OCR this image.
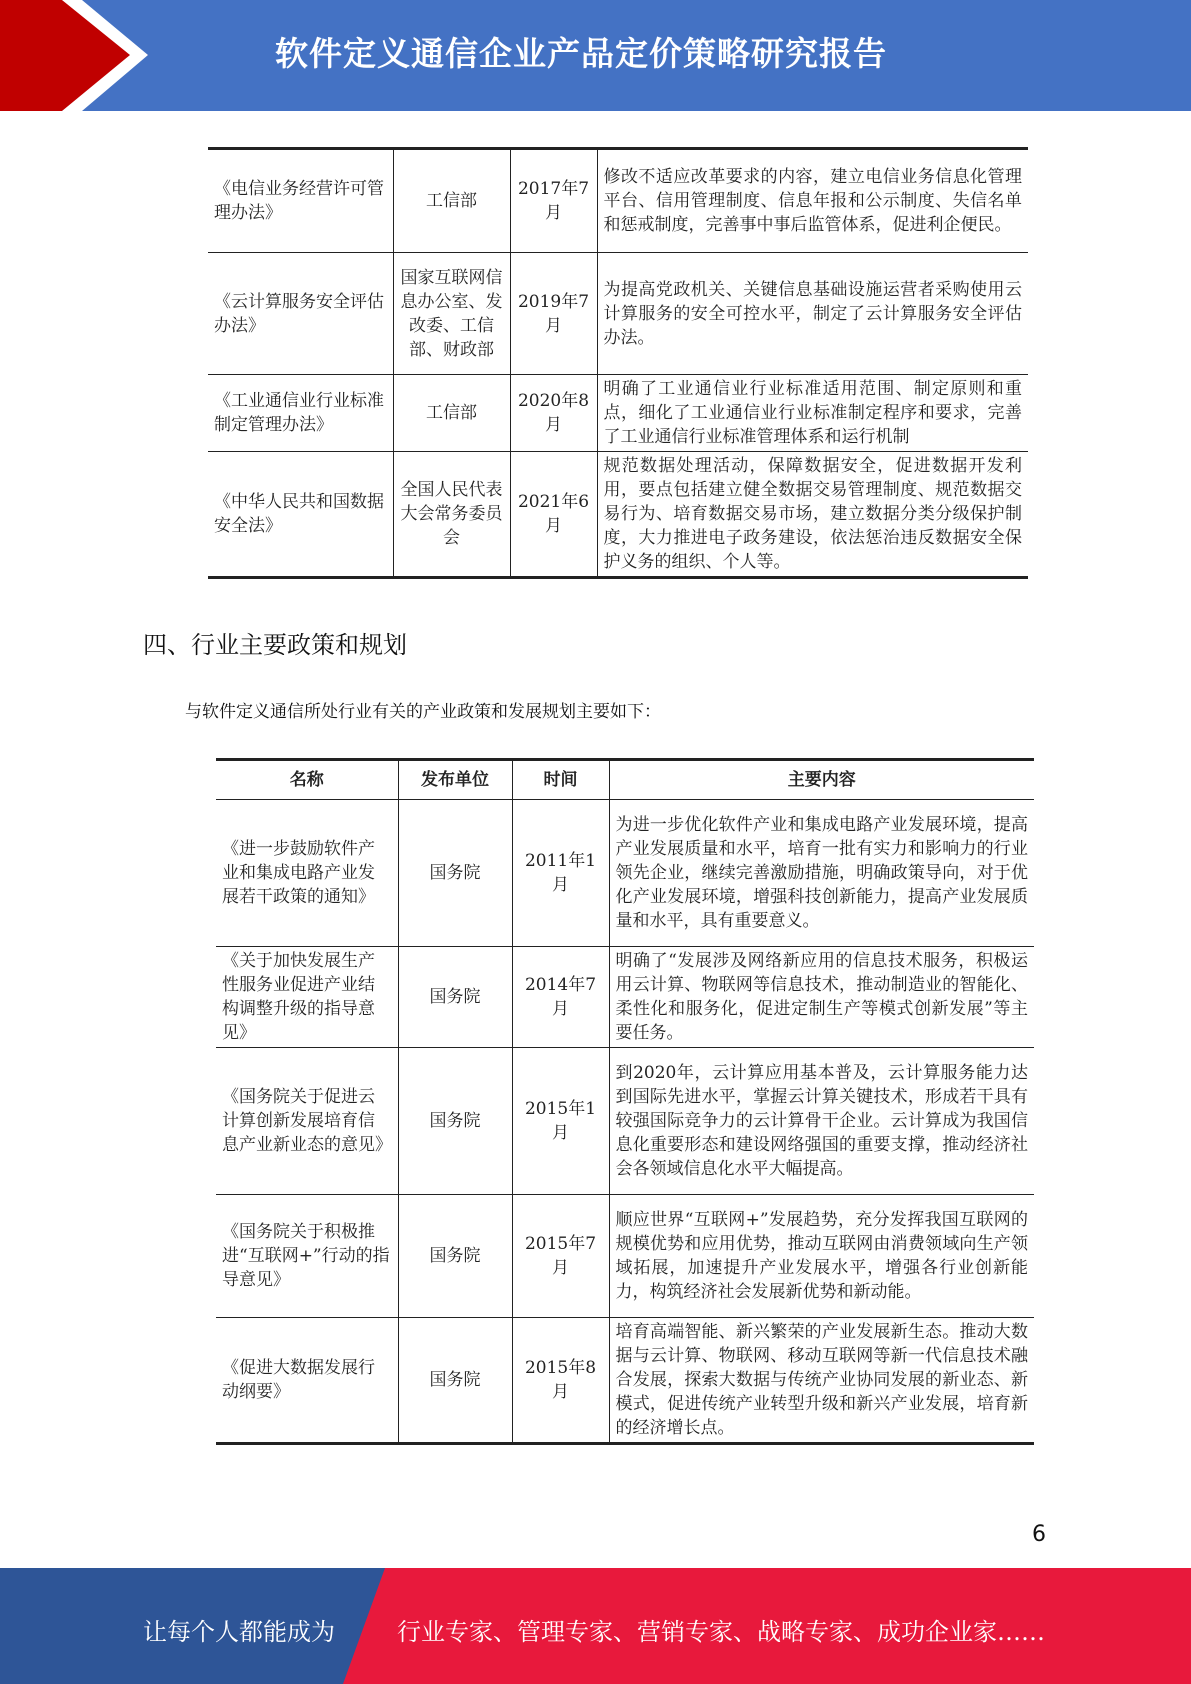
软件定义通信企业产品定价策略研究报告
《电信业务经营许可管理办法》	工信部	2017年7月	修改不适应改革要求的内容，建立电信业务信息化管理平台、信用管理制度、信息年报和公示制度、失信名单和惩戒制度，完善事中事后监管体系，促进利企便民。
《云计算服务安全评估办法》	国家互联网信息办公室、发改委、工信部、财政部	2019年7月	为提高党政机关、关键信息基础设施运营者采购使用云计算服务的安全可控水平，制定了云计算服务安全评估办法。
《工业通信业行业标准制定管理办法》	工信部	2020年8月	明确了工业通信业行业标准适用范围、制定原则和重点，细化了工业通信业行业标准制定程序和要求，完善了工业通信行业标准管理体系和运行机制
《中华人民共和国数据安全法》	全国人民代表大会常务委员会	2021年6月	规范数据处理活动，保障数据安全，促进数据开发利用，要点包括建立健全数据交易管理制度、规范数据交易行为、培育数据交易市场，建立数据分类分级保护制度，大力推进电子政务建设，依法惩治违反数据安全保护义务的组织、个人等。
四、行业主要政策和规划
与软件定义通信所处行业有关的产业政策和发展规划主要如下：
名称	发布单位	时间	主要内容
《进一步鼓励软件产业和集成电路产业发展若干政策的通知》	国务院	2011年1月	为进一步优化软件产业和集成电路产业发展环境，提高产业发展质量和水平，培育一批有实力和影响力的行业领先企业，继续完善激励措施，明确政策导向，对于优化产业发展环境，增强科技创新能力，提高产业发展质量和水平，具有重要意义。
《关于加快发展生产性服务业促进产业结构调整升级的指导意见》	国务院	2014年7月	明确了“发展涉及网络新应用的信息技术服务，积极运用云计算、物联网等信息技术，推动制造业的智能化、柔性化和服务化，促进定制生产等模式创新发展”等主要任务。
《国务院关于促进云计算创新发展培育信息产业新业态的意见》	国务院	2015年1月	到2020年，云计算应用基本普及，云计算服务能力达到国际先进水平，掌握云计算关键技术，形成若干具有较强国际竞争力的云计算骨干企业。云计算成为我国信息化重要形态和建设网络强国的重要支撑，推动经济社会各领域信息化水平大幅提高。
《国务院关于积极推进“互联网+”行动的指导意见》	国务院	2015年7月	顺应世界“互联网+”发展趋势，充分发挥我国互联网的规模优势和应用优势，推动互联网由消费领域向生产领域拓展，加速提升产业发展水平，增强各行业创新能力，构筑经济社会发展新优势和新动能。
《促进大数据发展行动纲要》	国务院	2015年8月	培育高端智能、新兴繁荣的产业发展新生态。推动大数据与云计算、物联网、移动互联网等新一代信息技术融合发展，探索大数据与传统产业协同发展的新业态、新模式，促进传统产业转型升级和新兴产业发展，培育新的经济增长点。
6
让每个人都能成为	行业专家、管理专家、营销专家、战略专家、成功企业家……
